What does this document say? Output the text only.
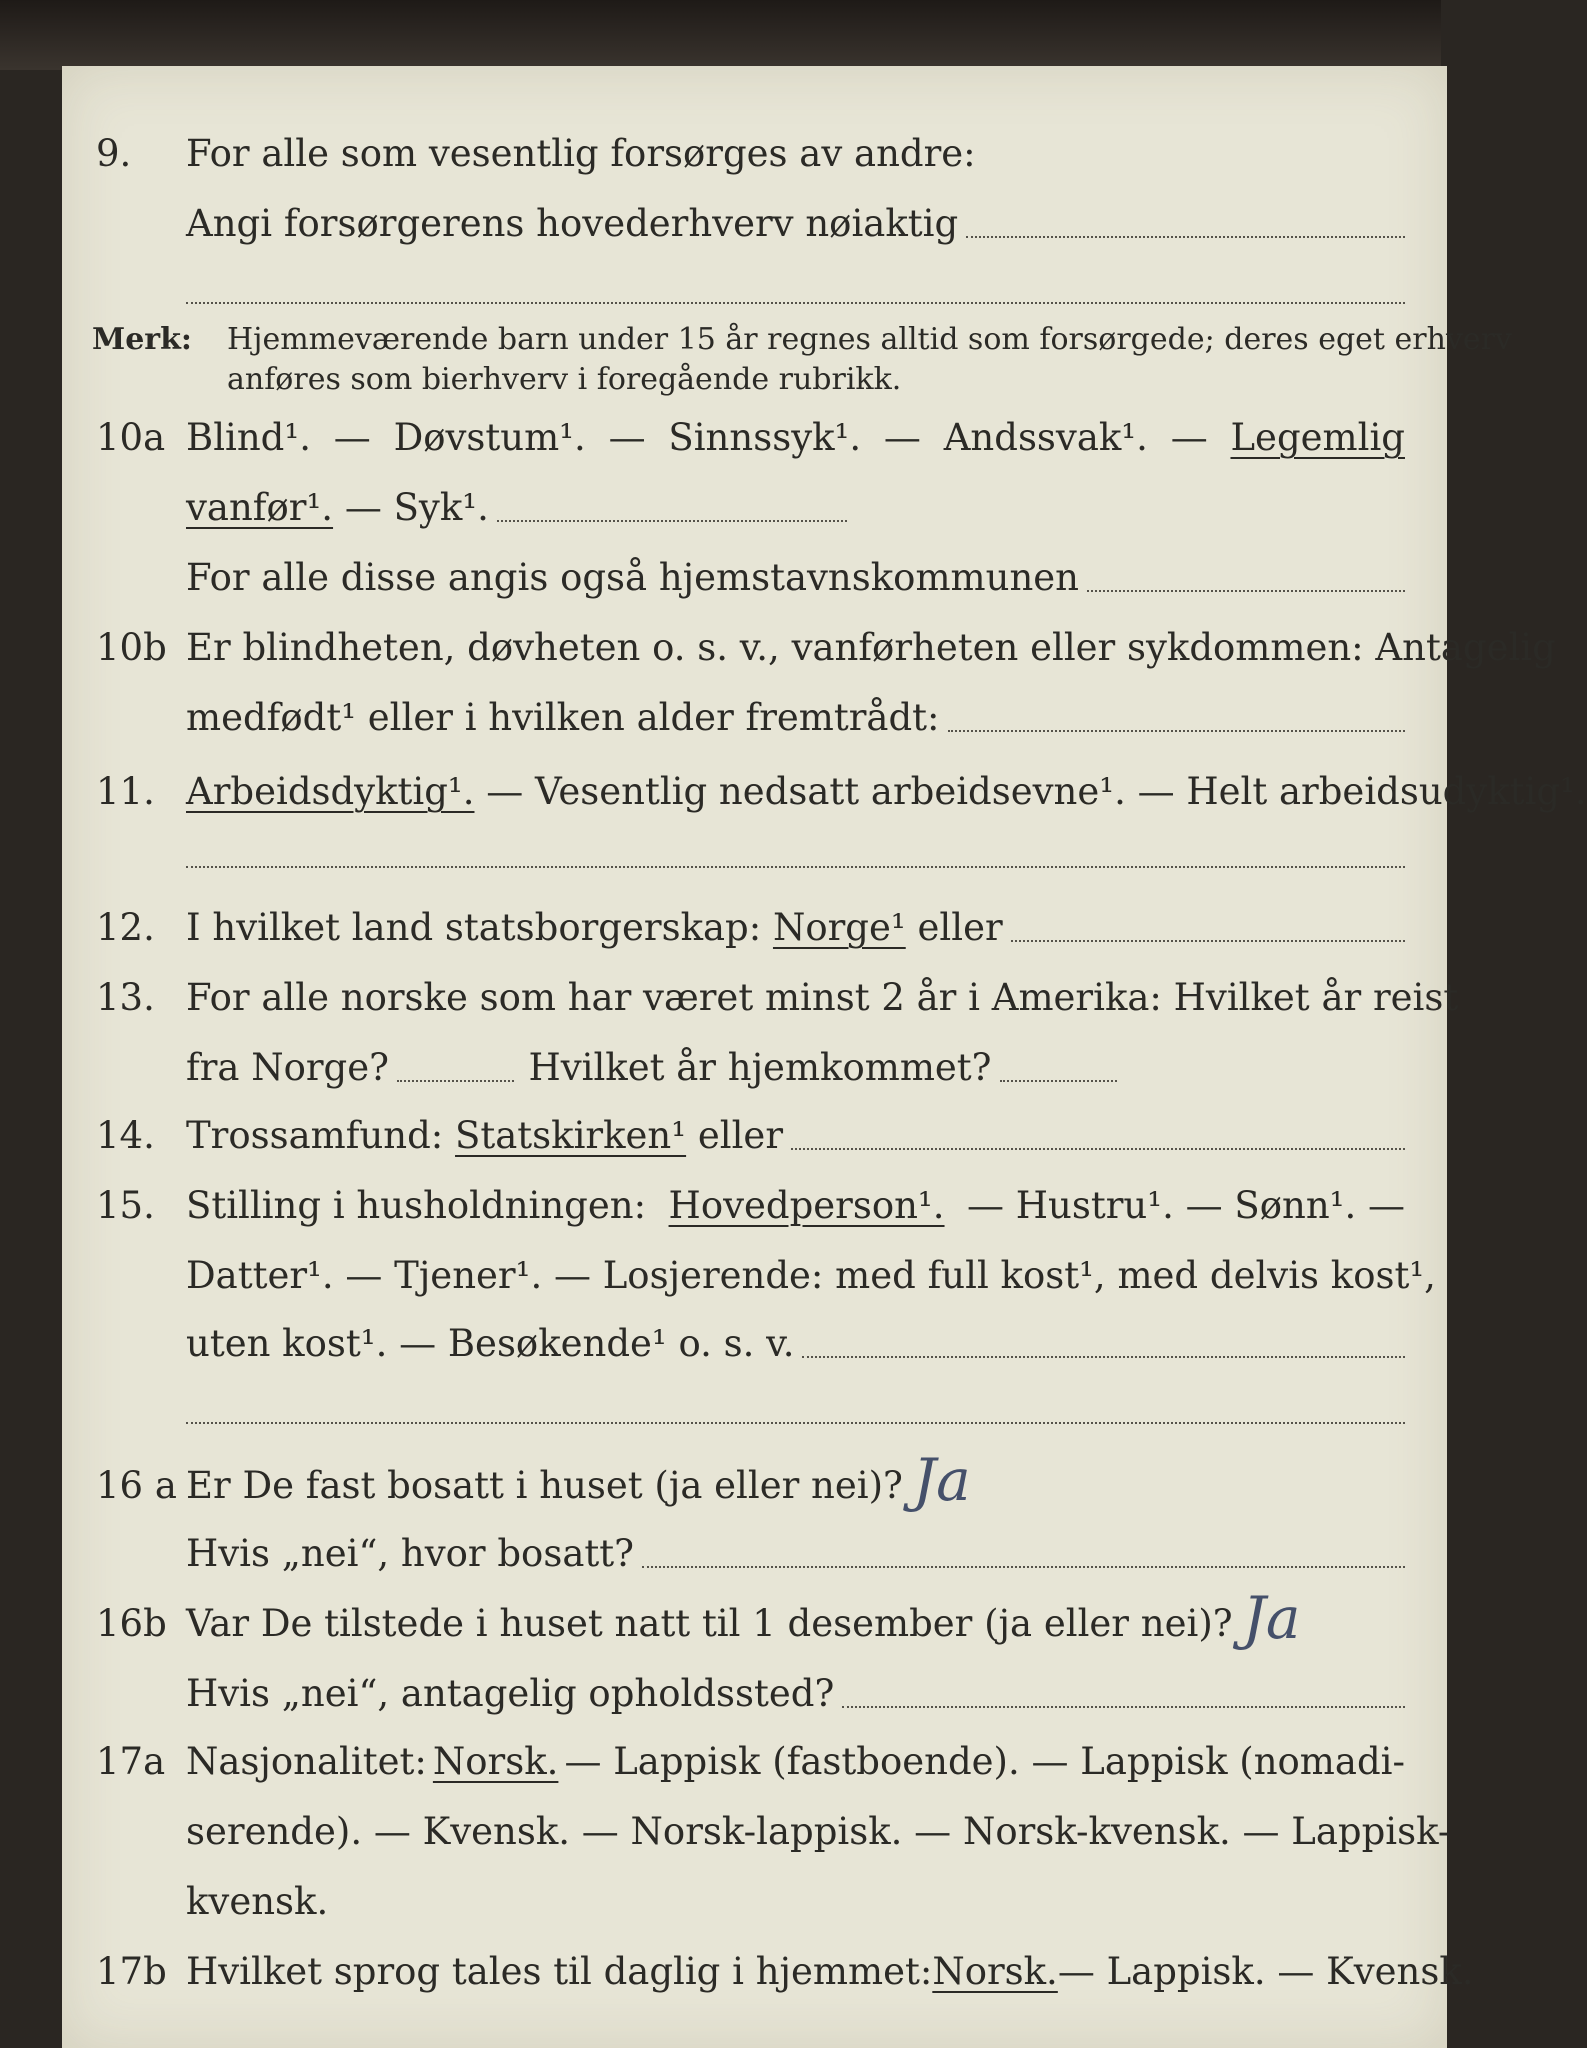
9. For alle som vesentlig forsørges av andre:
Angi forsørgerens hovederhverv nøiaktig
Merk: Hjemmeværende barn under 15 år regnes alltid som forsørgede; deres eget erhverv
anføres som bierhverv i foregående rubrikk.
10a Blind¹. — Døvstum¹. — Sinnssyk¹. — Andssvak¹. — Legemlig
vanfør¹.
— Syk¹.
For alle disse angis også hjemstavnskommunen
10b Er blindheten, døvheten o. s. v., vanførheten eller sykdommen: Antagelig
medfødt¹ eller i hvilken alder fremtrådt:
11. Arbeidsdyktig¹.
— Vesentlig nedsatt arbeidsevne¹. — Helt arbeidsudyktig¹.
12. I hvilket land statsborgerskap:
Norge¹
eller
13. For alle norske som har været minst 2 år i Amerika: Hvilket år reist
fra Norge?	Hvilket år hjemkommet?
14. Trossamfund:
Statskirken¹
eller
15. Stilling i husholdningen: Hovedperson¹. — Hustru¹. — Sønn¹. —
Datter¹. — Tjener¹. — Losjerende: med full kost¹, med delvis kost¹,
uten kost¹. — Besøkende¹ o. s. v.
16 a Er De fast bosatt i huset (ja eller nei)? Ja
Hvis „nei“, hvor bosatt?
16b Var De tilstede i huset natt til 1 desember (ja eller nei)? Ja
Hvis „nei“, antagelig opholdssted?
17a Nasjonalitet: Norsk. — Lappisk (fastboende). — Lappisk (nomadi-
serende). — Kvensk. — Norsk-lappisk. — Norsk-kvensk. — Lappisk-
kvensk.
17b Hvilket sprog tales til daglig i hjemmet: Norsk. — Lappisk. — Kvensk.
